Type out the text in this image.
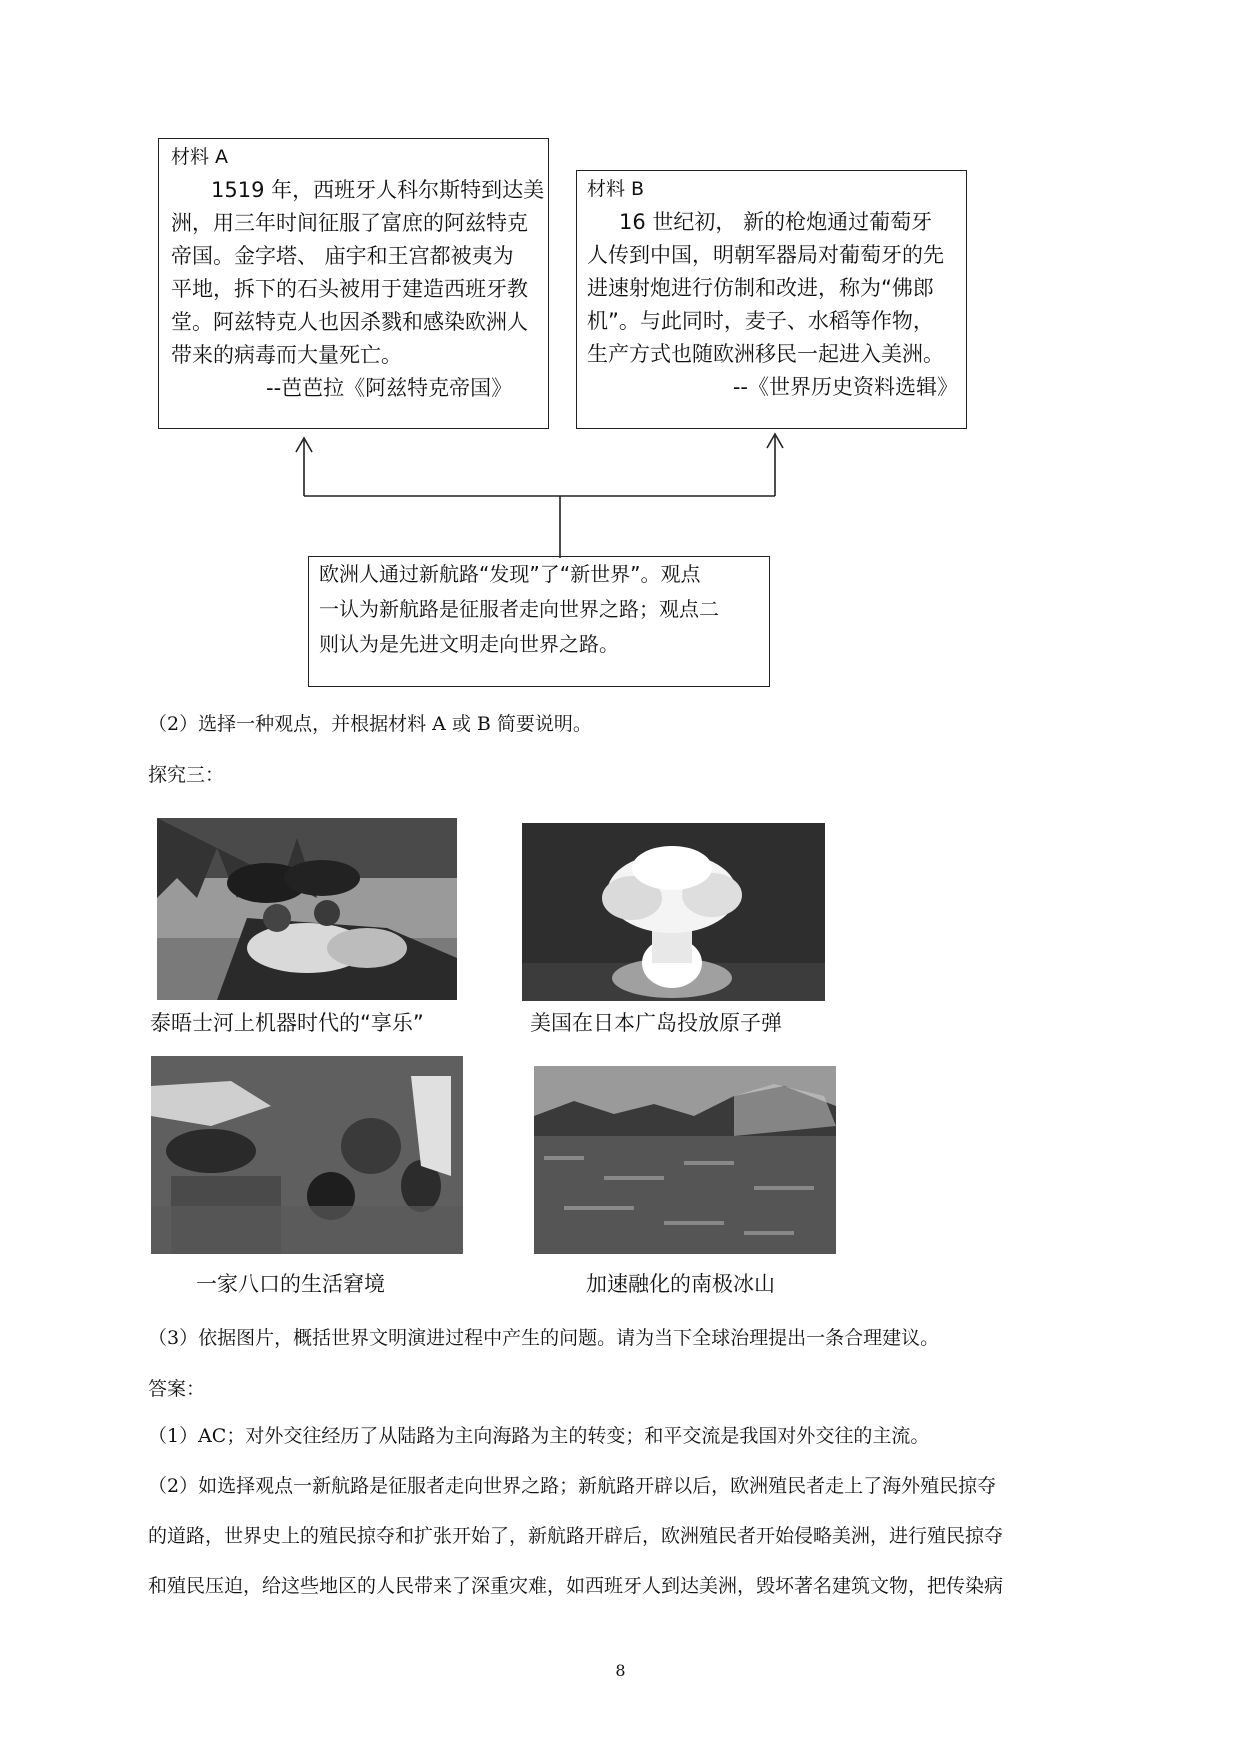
材料 A
1519 年，西班牙人科尔斯特到达美
洲，用三年时间征服了富庶的阿兹特克
帝国。金字塔、 庙宇和王宫都被夷为
平地，拆下的石头被用于建造西班牙教
堂。阿兹特克人也因杀戮和感染欧洲人
带来的病毒而大量死亡。
--芭芭拉《阿兹特克帝国》
材料 B
16 世纪初， 新的枪炮通过葡萄牙
人传到中国，明朝军器局对葡萄牙的先
进速射炮进行仿制和改进，称为“佛郎
机”。与此同时，麦子、水稻等作物，
生产方式也随欧洲移民一起进入美洲。
--《世界历史资料选辑》
欧洲人通过新航路“发现”了“新世界”。观点
一认为新航路是征服者走向世界之路；观点二
则认为是先进文明走向世界之路。
（2）选择一种观点，并根据材料 A 或 B 简要说明。
探究三：
泰晤士河上机器时代的“享乐”	美国在日本广岛投放原子弹
一家八口的生活窘境	加速融化的南极冰山
（3）依据图片，概括世界文明演进过程中产生的问题。请为当下全球治理提出一条合理建议。
答案：
（1）AC；对外交往经历了从陆路为主向海路为主的转变；和平交流是我国对外交往的主流。
（2）如选择观点一新航路是征服者走向世界之路；新航路开辟以后，欧洲殖民者走上了海外殖民掠夺
的道路，世界史上的殖民掠夺和扩张开始了，新航路开辟后，欧洲殖民者开始侵略美洲，进行殖民掠夺
和殖民压迫，给这些地区的人民带来了深重灾难，如西班牙人到达美洲，毁坏著名建筑文物，把传染病
8
